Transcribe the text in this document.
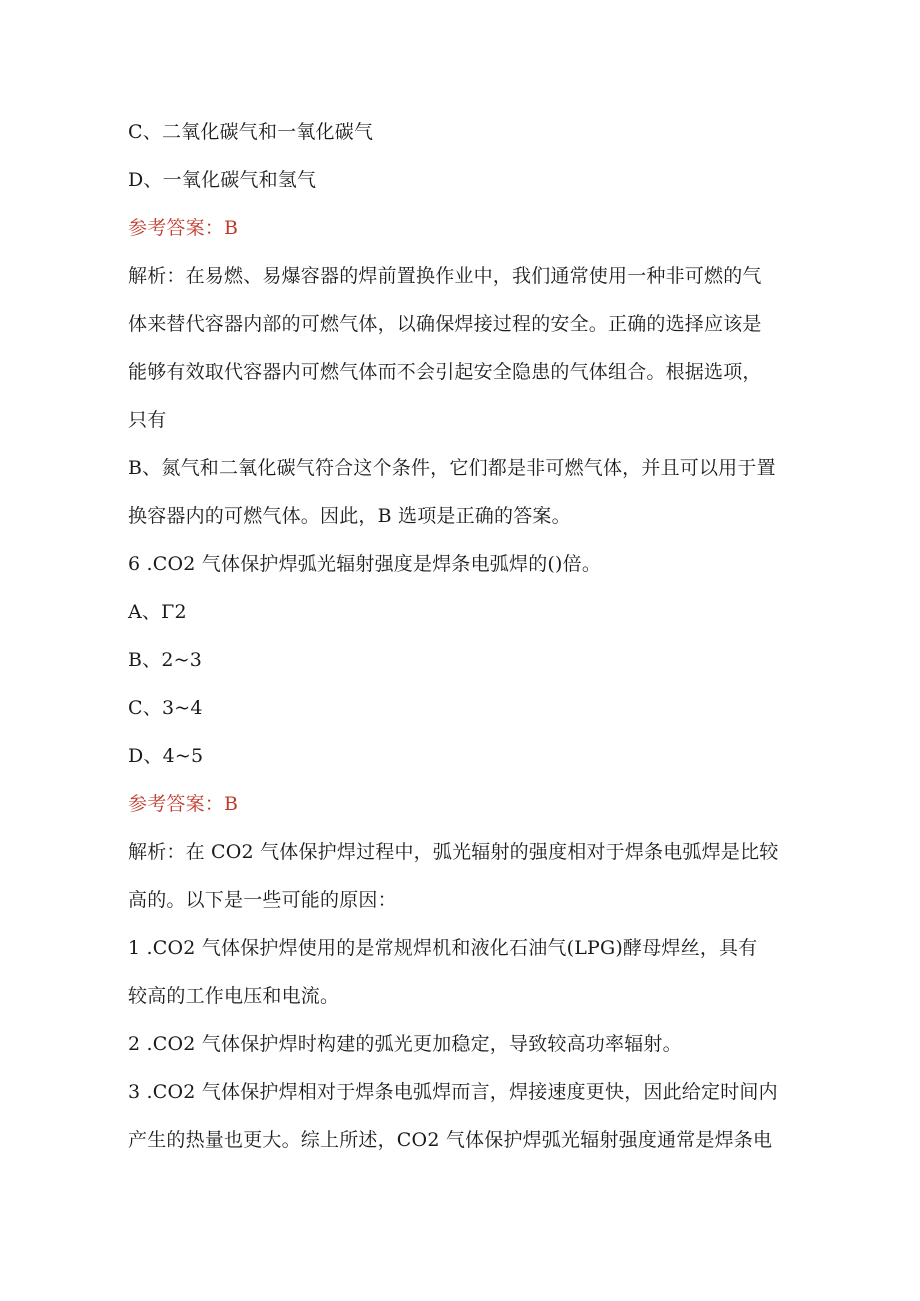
C、二氧化碳气和一氧化碳气
D、一氧化碳气和氢气
参考答案：B
解析：在易燃、易爆容器的焊前置换作业中，我们通常使用一种非可燃的气
体来替代容器内部的可燃气体，以确保焊接过程的安全。正确的选择应该是
能够有效取代容器内可燃气体而不会引起安全隐患的气体组合。根据选项，
只有
B、氮气和二氧化碳气符合这个条件，它们都是非可燃气体，并且可以用于置
换容器内的可燃气体。因此，B 选项是正确的答案。
6 .CO2 气体保护焊弧光辐射强度是焊条电弧焊的()倍。
A、Γ2
B、2~3
C、3~4
D、4~5
参考答案：B
解析：在 CO2 气体保护焊过程中，弧光辐射的强度相对于焊条电弧焊是比较
高的。以下是一些可能的原因：
1 .CO2 气体保护焊使用的是常规焊机和液化石油气(LPG)酵母焊丝，具有
较高的工作电压和电流。
2 .CO2 气体保护焊时构建的弧光更加稳定，导致较高功率辐射。
3 .CO2 气体保护焊相对于焊条电弧焊而言，焊接速度更快，因此给定时间内
产生的热量也更大。综上所述，CO2 气体保护焊弧光辐射强度通常是焊条电
